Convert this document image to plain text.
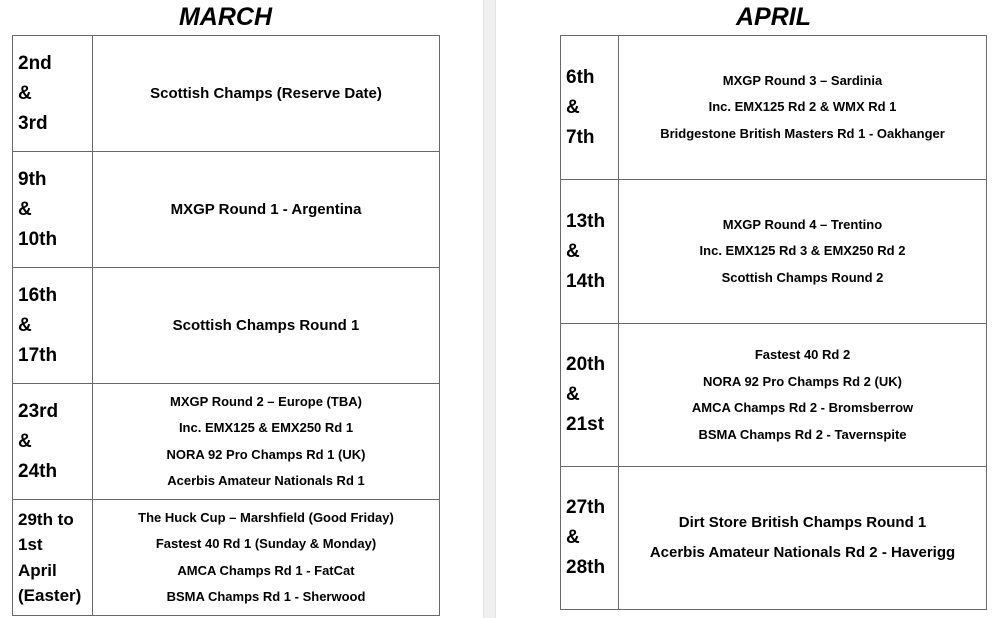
MARCH
2nd
&
3rd	Scottish Champs (Reserve Date)

9th
&
10th	MXGP Round 1 - Argentina

16th
&
17th	Scottish Champs Round 1

23rd
&
24th	MXGP Round 2 – Europe (TBA)
Inc. EMX125 & EMX250 Rd 1
NORA 92 Pro Champs Rd 1 (UK)
Acerbis Amateur Nationals Rd 1

29th to
1st
April
(Easter)	The Huck Cup – Marshfield (Good Friday)
Fastest 40 Rd 1 (Sunday & Monday)
AMCA Champs Rd 1 - FatCat
BSMA Champs Rd 1 - Sherwood
APRIL
6th
&
7th	MXGP Round 3 – Sardinia
Inc. EMX125 Rd 2 & WMX Rd 1
Bridgestone British Masters Rd 1 - Oakhanger

13th
&
14th	MXGP Round 4 – Trentino
Inc. EMX125 Rd 3 & EMX250 Rd 2
Scottish Champs Round 2

20th
&
21st	Fastest 40 Rd 2
NORA 92 Pro Champs Rd 2 (UK)
AMCA Champs Rd 2 - Bromsberrow
BSMA Champs Rd 2 - Tavernspite

27th
&
28th	Dirt Store British Champs Round 1
Acerbis Amateur Nationals Rd 2 - Haverigg
